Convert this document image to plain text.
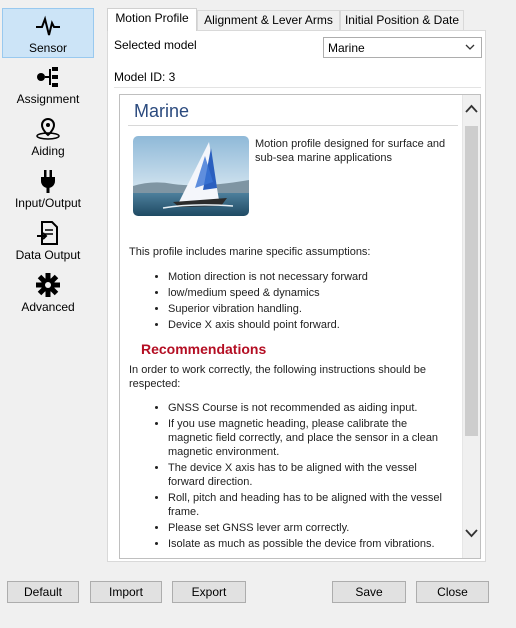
Sensor
Assignment
Aiding
Input/Output
Data Output
Advanced
Motion Profile	Alignment & Lever Arms	Initial Position & Date
Selected model	Marine
Model ID: 3
Marine
Motion profile designed for surface and sub-sea marine applications
This profile includes marine specific assumptions:
• Motion direction is not necessary forward
• low/medium speed & dynamics
• Superior vibration handling.
• Device X axis should point forward.
Recommendations
In order to work correctly, the following instructions should be respected:
• GNSS Course is not recommended as aiding input.
• If you use magnetic heading, please calibrate the magnetic field correctly, and place the sensor in a clean magnetic environment.
• The device X axis has to be aligned with the vessel forward direction.
• Roll, pitch and heading has to be aligned with the vessel frame.
• Please set GNSS lever arm correctly.
• Isolate as much as possible the device from vibrations.
Default	Import	Export	Save	Close
